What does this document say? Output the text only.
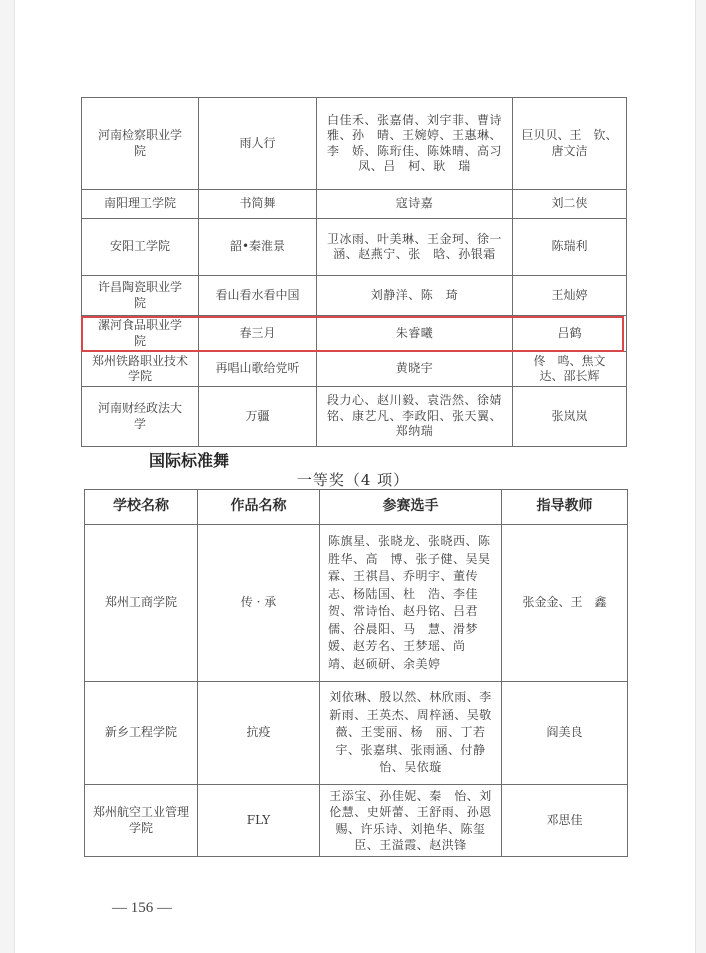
河南检察职业学院	雨人行	白佳禾、张嘉倩、刘宇菲、曹诗雅、孙　晴、王婉婷、王惠琳、李　娇、陈珩佳、陈姝晴、高习凤、吕　柯、耿　瑞	巨贝贝、王　钦、唐文洁
南阳理工学院	书简舞	寇诗嘉	刘二侠
安阳工学院	韶•秦淮景	卫冰雨、叶美琳、王金珂、徐一涵、赵燕宁、张　晗、孙银霜	陈瑞利
许昌陶瓷职业学院	看山看水看中国	刘静洋、陈　琦	王灿婷
漯河食品职业学院	春三月	朱睿曦	吕鹤
郑州铁路职业技术学院	再唱山歌给党听	黄晓宇	佟　鸣、焦文达、邵长辉
河南财经政法大学	万疆	段力心、赵川毅、袁浩然、徐婧铭、康艺凡、李政阳、张天翼、郑纳瑞	张岚岚
国际标准舞
一等奖（4 项）
学校名称	作品名称	参赛选手	指导教师
郑州工商学院	传 · 承	陈旗星、张晓龙、张晓西、陈胜华、高　博、张子健、吴昊霖、王祺昌、乔明宇、董传志、杨陆国、杜　浩、李佳贺、常诗怡、赵丹铭、吕君儒、谷晨阳、马　慧、滑梦媛、赵芳名、王梦瑶、尚　靖、赵硕研、余美婷	张金金、王　鑫
新乡工程学院	抗疫	刘依琳、殷以然、林欣雨、李新雨、王英杰、周梓涵、吴敬薇、王雯丽、杨　丽、丁若宇、张嘉琪、张雨涵、付静怡、吴依璇	阎美良
郑州航空工业管理学院	FLY	王添宝、孙佳妮、秦　怡、刘伦慧、史妍蕾、王舒雨、孙恩赐、许乐诗、刘艳华、陈玺臣、王溢霞、赵洪锋	邓思佳
— 156 —
